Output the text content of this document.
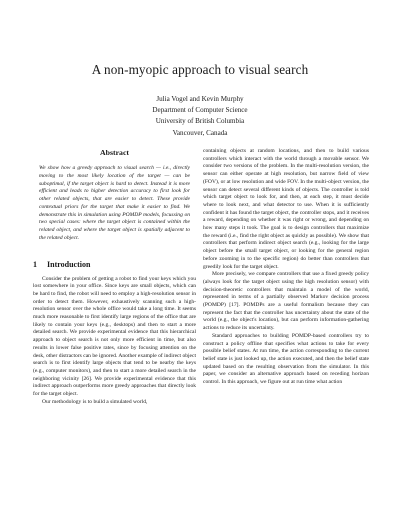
A non-myopic approach to visual search
Julia Vogel and Kevin Murphy
Department of Computer Science
University of British Columbia
Vancouver, Canada
Abstract

We show how a greedy approach to visual search — i.e., directly moving to the most likely location of the target — can be suboptimal, if the target object is hard to detect. Instead it is more efficient and leads to higher detection accuracy to first look for other related objects, that are easier to detect. These provide contextual priors for the target that make it easier to find. We demonstrate this in simulation using POMDP models, focussing on two special cases: where the target object is contained within the related object, and where the target object is spatially adjacent to the related object.

1 Introduction

Consider the problem of getting a robot to find your keys which you lost somewhere in your office. Since keys are small objects, which can be hard to find, the robot will need to employ a high-resolution sensor in order to detect them. However, exhaustively scanning such a high-resolution sensor over the whole office would take a long time. It seems much more reasonable to first identify large regions of the office that are likely to contain your keys (e.g., desktops) and then to start a more detailed search. We provide experimental evidence that this hierarchical approach to object search is not only more efficient in time, but also results in lower false positive rates, since by focusing attention on the desk, other distractors can be ignored. Another example of indirect object search is to first identify large objects that tend to be nearby the keys (e.g., computer monitors), and then to start a more detailed search in the neighboring vicinity [26]. We provide experimental evidence that this indirect approach outperforms more greedy approaches that directly look for the target object.

Our methodology is to build a simulated world,

containing objects at random locations, and then to build various controllers which interact with the world through a movable sensor. We consider two versions of the problem. In the multi-resolution version, the sensor can either operate at high resolution, but narrow field of view (FOV), or at low resolution and wide FOV. In the multi-object version, the sensor can detect several different kinds of objects. The controller is told which target object to look for, and then, at each step, it must decide where to look next, and what detector to use. When it is sufficiently confident it has found the target object, the controller stops, and it receives a reward, depending on whether it was right or wrong, and depending on how many steps it took. The goal is to design controllers that maximize the reward (i.e., find the right object as quickly as possible). We show that controllers that perform indirect object search (e.g., looking for the large object before the small target object, or looking for the general region before zooming in to the specific region) do better than controllers that greedily look for the target object.

More precisely, we compare controllers that use a fixed greedy policy (always look for the target object using the high resolution sensor) with decision-theoretic controllers that maintain a model of the world, represented in terms of a partially observed Markov decision process (POMDP) [17]. POMDPs are a useful formalism because they can represent the fact that the controller has uncertainty about the state of the world (e.g., the object's location), but can perform information-gathering actions to reduce its uncertainty.

Standard approaches to building POMDP-based controllers try to construct a policy offline that specifies what actions to take for every possible belief states. At run time, the action corresponding to the current belief state is just looked up, the action executed, and then the belief state updated based on the resulting observation from the simulator. In this paper, we consider an alternative approach based on receding horizon control. In this approach, we figure out at run time what action
